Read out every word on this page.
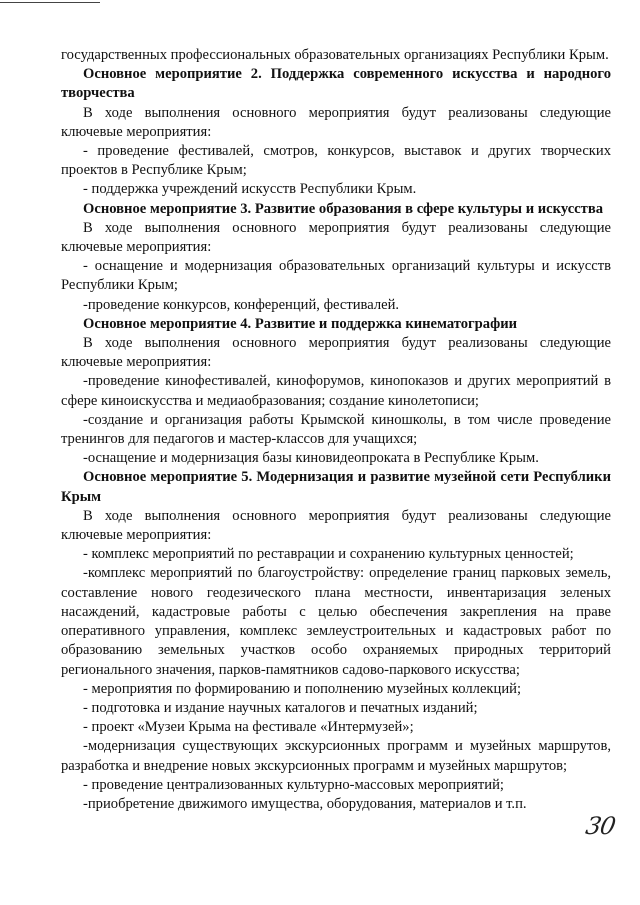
государственных профессиональных образовательных организациях Республики Крым.

Основное мероприятие 2. Поддержка современного искусства и народного творчества

В ходе выполнения основного мероприятия будут реализованы следующие ключевые мероприятия:

- проведение фестивалей, смотров, конкурсов, выставок и других творческих проектов в Республике Крым;

- поддержка учреждений искусств Республики Крым.

Основное мероприятие 3. Развитие образования в сфере культуры и искусства

В ходе выполнения основного мероприятия будут реализованы следующие ключевые мероприятия:

- оснащение и модернизация образовательных организаций культуры и искусств Республики Крым;

-проведение конкурсов, конференций, фестивалей.

Основное мероприятие 4. Развитие и поддержка кинематографии

В ходе выполнения основного мероприятия будут реализованы следующие ключевые мероприятия:

-проведение кинофестивалей, кинофорумов, кинопоказов и других мероприятий в сфере киноискусства и медиаобразования; создание кинолетописи;

-создание и организация работы Крымской киношколы, в том числе проведение тренингов для педагогов и мастер-классов для учащихся;

-оснащение и модернизация базы киновидеопроката в Республике Крым.

Основное мероприятие 5. Модернизация и развитие музейной сети Республики Крым

В ходе выполнения основного мероприятия будут реализованы следующие ключевые мероприятия:

- комплекс мероприятий по реставрации и сохранению культурных ценностей;

-комплекс мероприятий по благоустройству: определение границ парковых земель, составление нового геодезического плана местности, инвентаризация зеленых насаждений, кадастровые работы с целью обеспечения закрепления на праве оперативного управления, комплекс землеустроительных и кадастровых работ по образованию земельных участков особо охраняемых природных территорий регионального значения, парков-памятников садово-паркового искусства;

- мероприятия по формированию и пополнению музейных коллекций;

- подготовка и издание научных каталогов и печатных изданий;

- проект «Музеи Крыма на фестивале «Интермузей»;

-модернизация существующих экскурсионных программ и музейных маршрутов, разработка и внедрение новых экскурсионных программ и музейных маршрутов;

- проведение централизованных культурно-массовых мероприятий;

-приобретение движимого имущества, оборудования, материалов и т.п.

30
